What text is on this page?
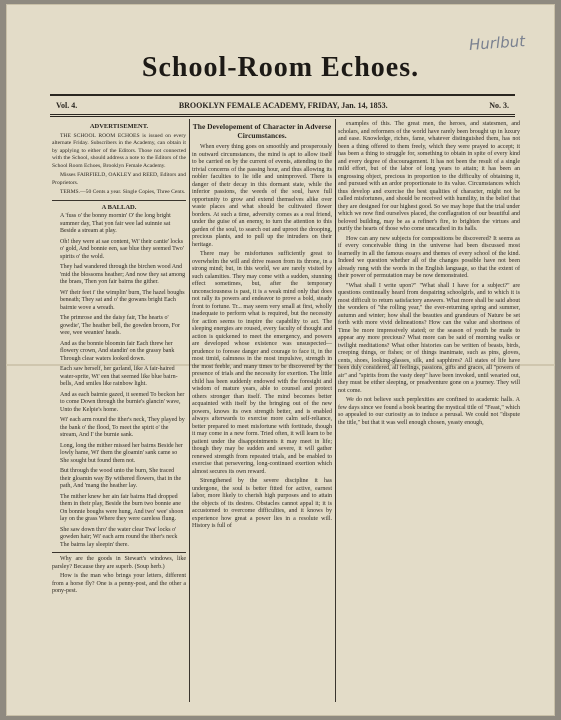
Hurlbut
School-Room Echoes.
Vol. 4.	BROOKLYN FEMALE ACADEMY, FRIDAY, Jan. 14, 1853.	No. 3.
ADVERTISEMENT.
THE SCHOOL ROOM ECHOES is issued on every alternate Friday. Subscribers in the Academy, can obtain it by applying to either of the Editors. Those not connected with the School, should address a note to the Editors of the School Room Echoes, Brooklyn Female Academy.
Misses FAIRFIELD, OAKLEY and REED, Editors and Proprietors.
TERMS.—50 Cents a year. Single Copies, Three Cents.
A BALLAD.
A 'fuss o' the bonny mornin' O' the long bright summer day, That yon fair wee lad suinnie sat Beside a stream at play.
Oh! they were at sae content, Wi' their cantie' locks o' gold, And bonnie een, sae blue they seemed Two' spirits o' the wold.
They had wandered through the birchen wood And 'mid the blossoms heather; And now they sat among the braes, Then yon fair bairns the gither.
Wi' their feet i' the wimplin' burn, The hazel boughs beneath; They sat and o' the gowans bright Each bairnie wove a wreath.
The primrose and the daisy fair, The hearts o' gowdie', The heather bell, the gowden broom, For wee, wee weanies' heads.
And as the bonnie bloomin fair Each threw her flowery crown, And standin' on the grassy bank Through clear waters looked down.
Each saw herself, her garland, like A fair-haired water-sprite, Wi' een that seemed like blue bairn-bells, And smiles like rainbow light.
And as each bairnie gazed, it seemed To beckon her to come Down through the burnie's glancin' wave, Unto the Kelpie's home.
Wi' each arm round the ither's neck, They played by the bank o' the flood, To meet the spirit o' the stream, And I' the burnie sank.
Long, long the mither missed her bairns Beside her lowly hame, Wi' them the gloamin' sank came so She sought but found them not.
But through the wood unto the burn, She traced their gloamin way By withered flowers, that in the path, And 'mang the heather lay.
The mither knew her ain fair bairns Had dropped them in their play, Beside the burn two bonnie ane On bonnie boughs were hung, And two' wee' shoon lay on the grass Where they were careless flung.
She saw down thro' the water clear Twa' locks o' gowden hair; Wi' each arm round the ither's neck The bairns lay sleepin' there.
Why are the goods in Stewart's windows, like parsley? Because they are superb. (Soup herb.)
How is the man who brings your letters, different from a horse fly? One is a penny-post, and the other a pony-pest.
The Developement of Character in Adverse Circumstances.
When every thing goes on smoothly and prosperously in outward circumstances, the mind is apt to allow itself to be carried on by the current of events, attending to the trivial concerns of the passing hour, and thus allowing its nobler faculties to lie idle and unimproved. There is danger of their decay in this dormant state, while the inferior passions, the weeds of the soul, have full opportunity to grow and extend themselves alike over waste places and what should be cultivated flower borders. At such a time, adversity comes as a real friend, under the guise of an enemy, to turn the attention to this garden of the soul, to search out and uproot the drooping, precious plants, and to pull up the intruders on their heritage.
There may be misfortunes sufficiently great to overwhelm the will and drive reason from its throne, in a strong mind; but, in this world, we are rarely visited by such calamities. They may come with a sudden, stunning effect sometimes, but, after the temporary unconsciousness is past, it is a weak mind only that does not rally its powers and endeavor to prove a bold, steady front to fortune. Tr... may seem very small at first, wholly inadequate to perform what is required, but the necessity for action seems to inspire the capability to act. The sleeping energies are roused, every faculty of thought and action is quickened to meet the emergency, and powers are developed whose existence was unsuspected—prudence to foresee danger and courage to face it, in the most timid, calmness in the most impulsive, strength in the most feeble, and many times to be discovered by the presence of trials and the necessity for exertion. The little child has been suddenly endowed with the foresight and wisdom of mature years, able to counsel and protect others stronger than itself. The mind becomes better acquainted with itself by the bringing out of the new powers, knows its own strength better, and is enabled always afterwards to exercise more calm self-reliance, better prepared to meet misfortune with fortitude, though it may come in a new form. Tried often, it will learn to be patient under the disappointments it may meet in life; though they may be sudden and severe, it will gather renewed strength from repeated trials, and be enabled to exercise that persevering, long-continued exertion which almost secures its own reward.
Strengthened by the severe discipline it has undergone, the soul is better fitted for active, earnest labor, more likely to cherish high purposes and to attain the objects of its desires. Obstacles cannot appal it; it is accustomed to overcome difficulties, and it knows by experience how great a power lies in a resolute will. History is full of
examples of this. The great men, the heroes, and statesmen, and scholars, and reformers of the world have rarely been brought up in luxury and ease. Knowledge, riches, fame, whatever distinguished them, has not been a thing offered to them freely, which they were prayed to accept; it has been a thing to struggle for, something to obtain in spite of every kind and every degree of discouragement. It has not been the result of a single mild effort, but of the labor of long years to attain; it has been an engrossing object, precious in proportion to the difficulty of obtaining it, and pursued with an ardor proportionate to its value. Circumstances which thus develop and exercise the best qualities of character, might not be called misfortunes, and should be received with humility, in the belief that they are designed for our highest good. So we may hope that the trial under which we now find ourselves placed, the conflagration of our beautiful and beloved building, may be as a refiner's fire, to brighten the virtues and purify the hearts of those who come unscathed in its halls.
How can any new subjects for compositions be discovered? It seems as if every conceivable thing in the universe had been discussed most learnedly in all the famous essays and themes of every school of the kind. Indeed we question whether all of the changes possible have not been already rung with the words in the English language, so that the extent of their power of permutation may be now demonstrated.
"What shall I write upon?" "What shall I have for a subject?" are questions continually heard from despairing schoolgirls, and to which it is most difficult to return satisfactory answers. What more shall be said about the wonders of "the rolling year," the ever-returning spring and summer, autumn and winter; how shall the beauties and grandeurs of Nature be set forth with more vivid delineations? How can the value and shortness of Time be more impressively stated; or the season of youth be made to appear any more precious? What more can be said of morning walks or twilight meditations? What other histories can be written of beasts, birds, creeping things, or fishes; or of things inanimate, such as pins, gloves, cents, shoes, looking-glasses, silk, and sapphires? All states of life have been duly considered, all feelings, passions, gifts and graces, all "powers of air" and "spirits from the vasty deep" have been invoked, until wearied out, they must be either sleeping, or preadventure gone on a journey. They will not come.
We do not believe such perplexities are confined to academic halls. A few days since we found a book bearing the mystical title of "Feast," which so appealed to our curiosity as to induce a perusal. We could not "dispute the title," but that it was well enough chosen, yeasty enough,
